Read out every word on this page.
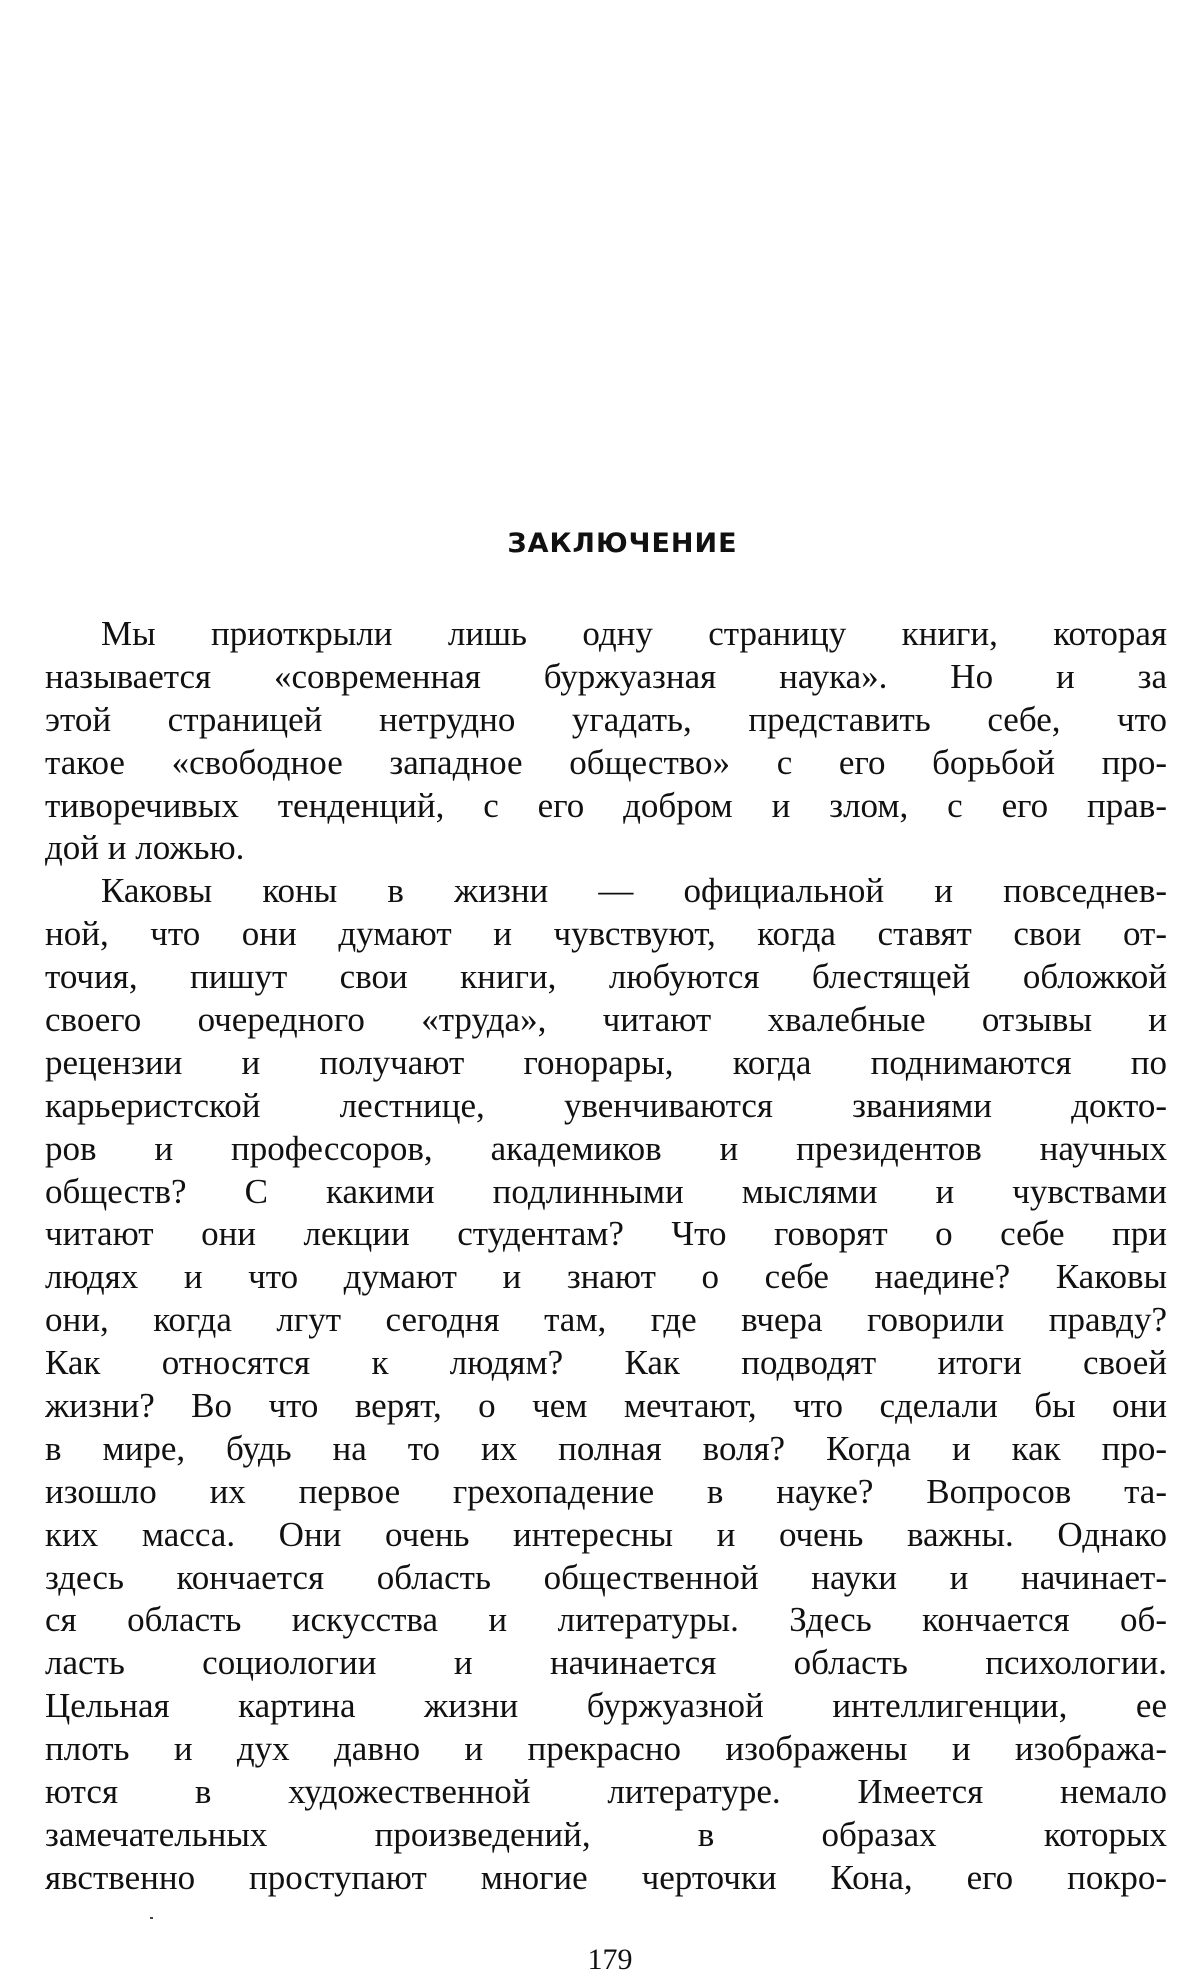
ЗАКЛЮЧЕНИЕ
Мы приоткрыли лишь одну страницу книги, которая
называется «современная буржуазная наука». Но и за
этой страницей нетрудно угадать, представить себе, что
такое «свободное западное общество» с его борьбой про-
тиворечивых тенденций, с его добром и злом, с его прав-
дой и ложью.
Каковы коны в жизни — официальной и повседнев-
ной, что они думают и чувствуют, когда ставят свои от-
точия, пишут свои книги, любуются блестящей обложкой
своего очередного «труда», читают хвалебные отзывы и
рецензии и получают гонорары, когда поднимаются по
карьеристской лестнице, увенчиваются званиями докто-
ров и профессоров, академиков и президентов научных
обществ? С какими подлинными мыслями и чувствами
читают они лекции студентам? Что говорят о себе при
людях и что думают и знают о себе наедине? Каковы
они, когда лгут сегодня там, где вчера говорили правду?
Как относятся к людям? Как подводят итоги своей
жизни? Во что верят, о чем мечтают, что сделали бы они
в мире, будь на то их полная воля? Когда и как про-
изошло их первое грехопадение в науке? Вопросов та-
ких масса. Они очень интересны и очень важны. Однако
здесь кончается область общественной науки и начинает-
ся область искусства и литературы. Здесь кончается об-
ласть социологии и начинается область психологии.
Цельная картина жизни буржуазной интеллигенции, ее
плоть и дух давно и прекрасно изображены и изобража-
ются в художественной литературе. Имеется немало
замечательных произведений, в образах которых
явственно проступают многие черточки Кона, его покро-
179
